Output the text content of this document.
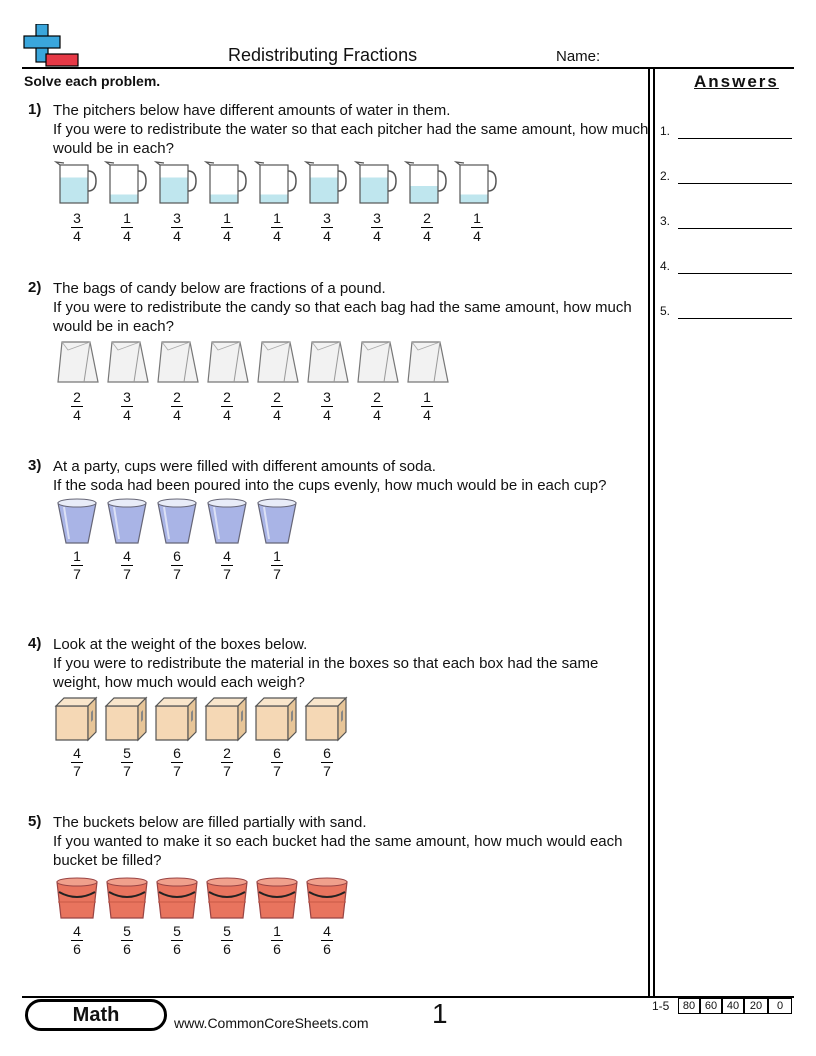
Redistributing Fractions	Name:
Solve each problem.	Answers
1.
2.
3.
4.
5.
1) The pitchers below have different amounts of water in them.
If you were to redistribute the water so that each pitcher had the same amount, how much would be in each?
3
4
1
4
3
4
1
4
1
4
3
4
3
4
2
4
1
4
2) The bags of candy below are fractions of a pound.
If you were to redistribute the candy so that each bag had the same amount, how much would be in each?
2
4
3
4
2
4
2
4
2
4
3
4
2
4
1
4
3) At a party, cups were filled with different amounts of soda.
If the soda had been poured into the cups evenly, how much would be in each cup?
1
7
4
7
6
7
4
7
1
7
4) Look at the weight of the boxes below.
If you were to redistribute the material in the boxes so that each box had the same weight, how much would each weigh?
4
7
5
7
6
7
2
7
6
7
6
7
5) The buckets below are filled partially with sand.
If you wanted to make it so each bucket had the same amount, how much would each bucket be filled?
4
6
5
6
5
6
5
6
1
6
4
6
Math	www.CommonCoreSheets.com 1	1-5	80 60 40 20	0
